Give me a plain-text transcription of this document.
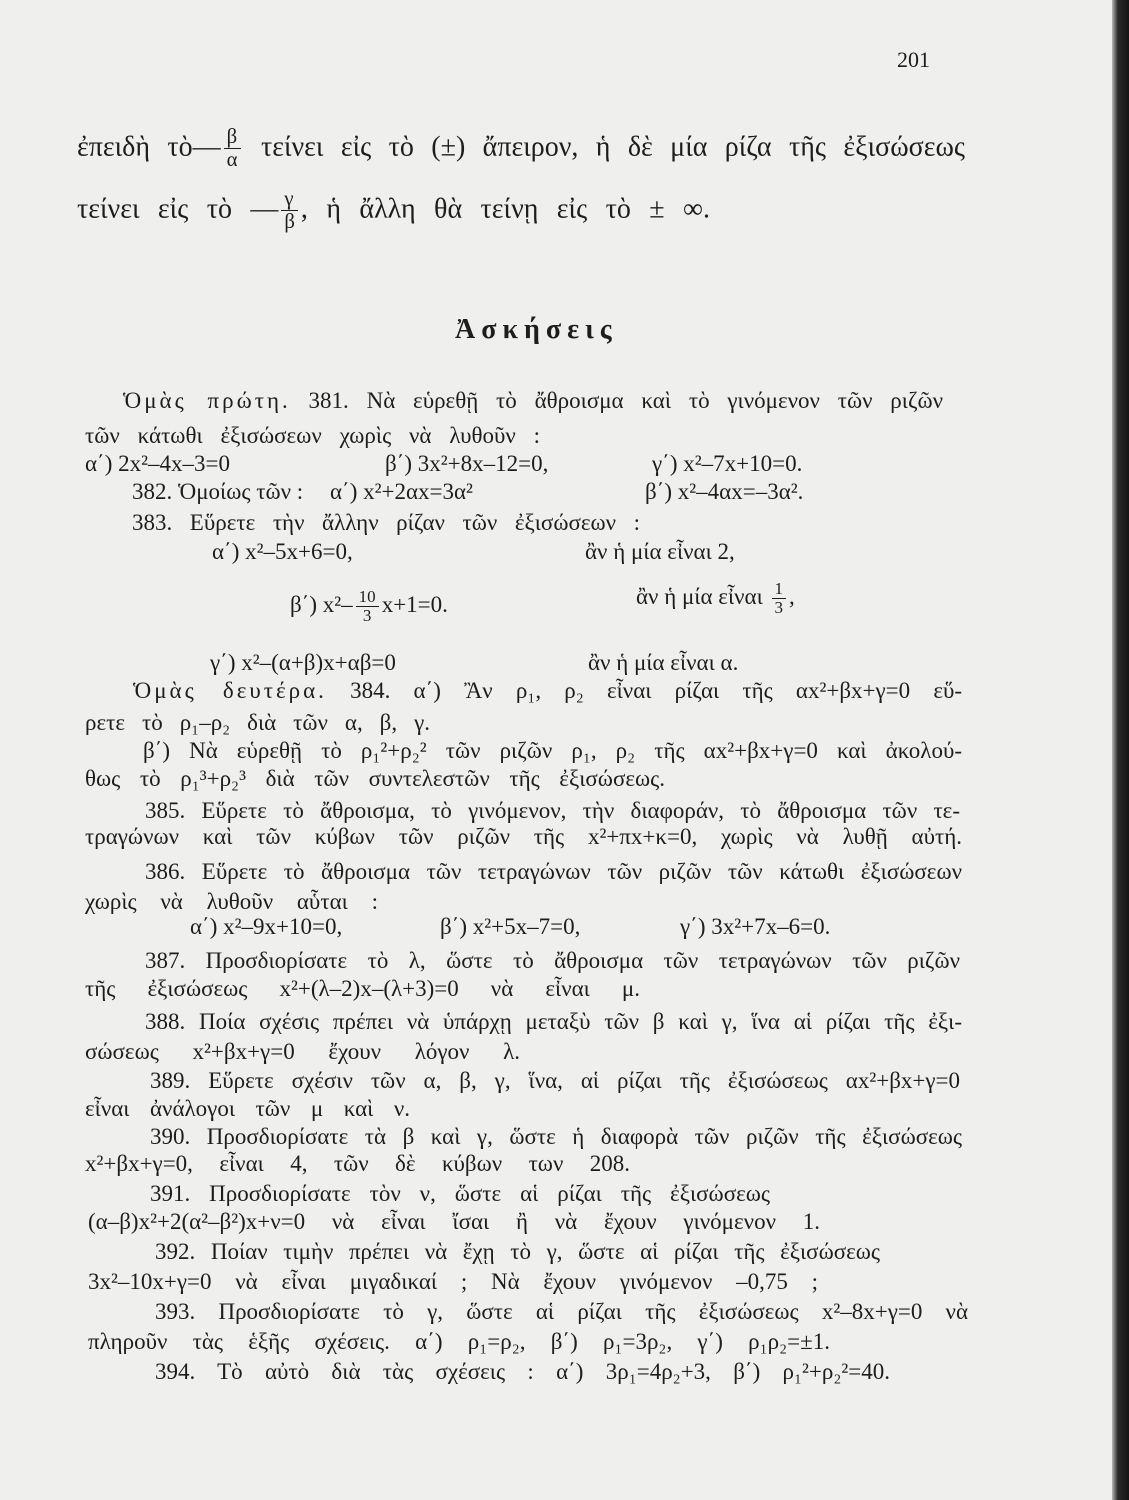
201
ἐπειδὴ τὸ— $\frac{\beta}{\alpha}$ τείνει εἰς τὸ (±) ἄπειρον, ἡ δὲ μία ρίζα τῆς ἐξισώσεως
τείνει εἰς τὸ — $\frac{\gamma}{\beta}$ , ἡ ἄλλη θὰ τείνῃ εἰς τὸ ± ∞.
Ἀσκήσεις
Ὁμὰς πρώτη. 381. Νὰ εὑρεθῇ τὸ ἄθροισμα καὶ τὸ γινόμενον τῶν ριζῶν
τῶν κάτωθι ἐξισώσεων χωρὶς νὰ λυθοῦν :
α΄) 2x²–4x–3=0	β΄) 3x²+8x–12=0,	γ΄) x²–7x+10=0.
382. Ὁμοίως τῶν : α΄) x²+2αx=3α²	β΄) x²–4αx=–3α².
383. Εὕρετε τὴν ἄλλην ρίζαν τῶν ἐξισώσεων :
α΄) x²–5x+6=0,	ἂν ἡ μία εἶναι 2,
β΄) $x^2- \frac{10}{3} x+1=0$.	ἂν ἡ μία εἶναι $\frac{1}{3}$ ,
γ΄) x²–(α+β)x+αβ=0	ἂν ἡ μία εἶναι α.
Ὁμὰς δευτέρα. 384. α΄) Ἂν ρ₁, ρ₂ εἶναι ρίζαι τῆς αx²+βx+γ=0 εὕ-
ρετε τὸ ρ₁–ρ₂ διὰ τῶν α, β, γ.
β΄) Νὰ εὑρεθῇ τὸ ρ₁²+ρ₂² τῶν ριζῶν ρ₁, ρ₂ τῆς αx²+βx+γ=0 καὶ ἀκολού-
θως τὸ ρ₁³+ρ₂³ διὰ τῶν συντελεστῶν τῆς ἐξισώσεως.
385. Εὕρετε τὸ ἄθροισμα, τὸ γινόμενον, τὴν διαφοράν, τὸ ἄθροισμα τῶν τε-
τραγώνων καὶ τῶν κύβων τῶν ριζῶν τῆς x²+πx+κ=0, χωρὶς νὰ λυθῇ αὐτή.
386. Εὕρετε τὸ ἄθροισμα τῶν τετραγώνων τῶν ριζῶν τῶν κάτωθι ἐξισώσεων
χωρὶς νὰ λυθοῦν αὗται :
α΄) x²–9x+10=0,	β΄) x²+5x–7=0,	γ΄) 3x²+7x–6=0.
387. Προσδιορίσατε τὸ λ, ὥστε τὸ ἄθροισμα τῶν τετραγώνων τῶν ριζῶν
τῆς ἐξισώσεως x²+(λ–2)x–(λ+3)=0 νὰ εἶναι μ.
388. Ποία σχέσις πρέπει νὰ ὑπάρχῃ μεταξὺ τῶν β καὶ γ, ἵνα αἱ ρίζαι τῆς ἐξι-
σώσεως x²+βx+γ=0 ἔχουν λόγον λ.
389. Εὕρετε σχέσιν τῶν α, β, γ, ἵνα, αἱ ρίζαι τῆς ἐξισώσεως αx²+βx+γ=0
εἶναι ἀνάλογοι τῶν μ καὶ ν.
390. Προσδιορίσατε τὰ β καὶ γ, ὥστε ἡ διαφορὰ τῶν ριζῶν τῆς ἐξισώσεως
x²+βx+γ=0, εἶναι 4, τῶν δὲ κύβων των 208.
391. Προσδιορίσατε τὸν ν, ὥστε αἱ ρίζαι τῆς ἐξισώσεως
(α–β)x²+2(α²–β²)x+ν=0 νὰ εἶναι ἴσαι ἢ νὰ ἔχουν γινόμενον 1.
392. Ποίαν τιμὴν πρέπει νὰ ἔχῃ τὸ γ, ὥστε αἱ ρίζαι τῆς ἐξισώσεως
3x²–10x+γ=0 νὰ εἶναι μιγαδικαί ; Νὰ ἔχουν γινόμενον –0,75 ;
393. Προσδιορίσατε τὸ γ, ὥστε αἱ ρίζαι τῆς ἐξισώσεως x²–8x+γ=0 νὰ
πληροῦν τὰς ἑξῆς σχέσεις. α΄) ρ₁=ρ₂, β΄) ρ₁=3ρ₂, γ΄) ρ₁ρ₂=±1.
394. Τὸ αὐτὸ διὰ τὰς σχέσεις : α΄) 3ρ₁=4ρ₂+3, β΄) ρ₁²+ρ₂²=40.
